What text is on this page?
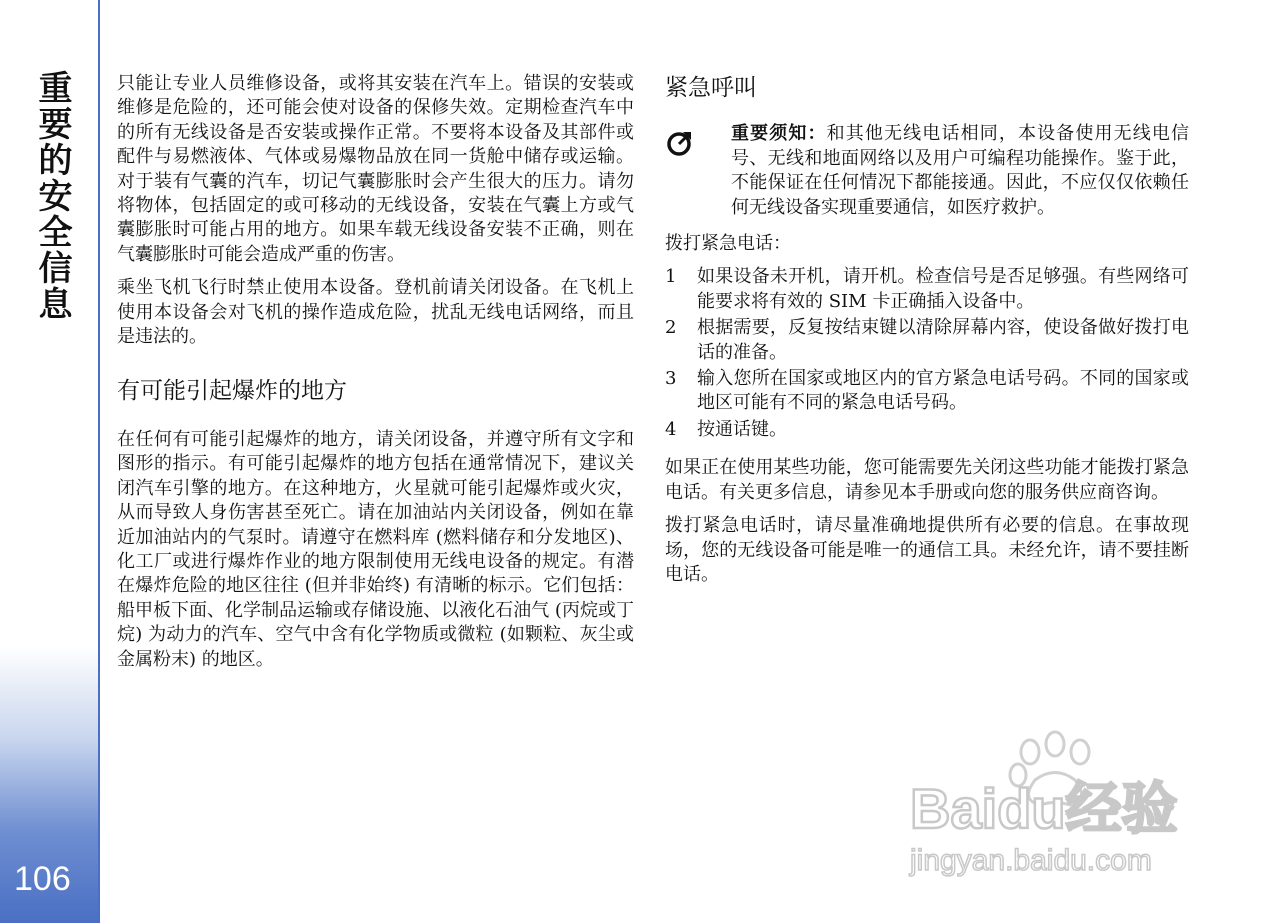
重要的安全信息
106

只能让专业人员维修设备，或将其安装在汽车上。错误的安装或维修是危险的，还可能会使对设备的保修失效。定期检查汽车中的所有无线设备是否安装或操作正常。不要将本设备及其部件或配件与易燃液体、气体或易爆物品放在同一货舱中储存或运输。对于装有气囊的汽车，切记气囊膨胀时会产生很大的压力。请勿将物体，包括固定的或可移动的无线设备，安装在气囊上方或气囊膨胀时可能占用的地方。如果车载无线设备安装不正确，则在气囊膨胀时可能会造成严重的伤害。

乘坐飞机飞行时禁止使用本设备。登机前请关闭设备。在飞机上使用本设备会对飞机的操作造成危险，扰乱无线电话网络，而且是违法的。

有可能引起爆炸的地方

在任何有可能引起爆炸的地方，请关闭设备，并遵守所有文字和图形的指示。有可能引起爆炸的地方包括在通常情况下，建议关闭汽车引擎的地方。在这种地方，火星就可能引起爆炸或火灾，从而导致人身伤害甚至死亡。请在加油站内关闭设备，例如在靠近加油站内的气泵时。请遵守在燃料库 (燃料储存和分发地区)、化工厂或进行爆炸作业的地方限制使用无线电设备的规定。有潜在爆炸危险的地区往往 (但并非始终) 有清晰的标示。它们包括：船甲板下面、化学制品运输或存储设施、以液化石油气 (丙烷或丁烷) 为动力的汽车、空气中含有化学物质或微粒 (如颗粒、灰尘或金属粉末) 的地区。

紧急呼叫
重要须知：和其他无线电话相同，本设备使用无线电信号、无线和地面网络以及用户可编程功能操作。鉴于此，不能保证在任何情况下都能接通。因此，不应仅仅依赖任何无线设备实现重要通信，如医疗救护。

拨打紧急电话：

1	如果设备未开机，请开机。检查信号是否足够强。有些网络可能要求将有效的 SIM 卡正确插入设备中。
2	根据需要，反复按结束键以清除屏幕内容，使设备做好拨打电话的准备。
3	输入您所在国家或地区内的官方紧急电话号码。不同的国家或地区可能有不同的紧急电话号码。
4	按通话键。

如果正在使用某些功能，您可能需要先关闭这些功能才能拨打紧急电话。有关更多信息，请参见本手册或向您的服务供应商咨询。

拨打紧急电话时，请尽量准确地提供所有必要的信息。在事故现场，您的无线设备可能是唯一的通信工具。未经允许，请不要挂断电话。

Baidu经验
jingyan.baidu.com
